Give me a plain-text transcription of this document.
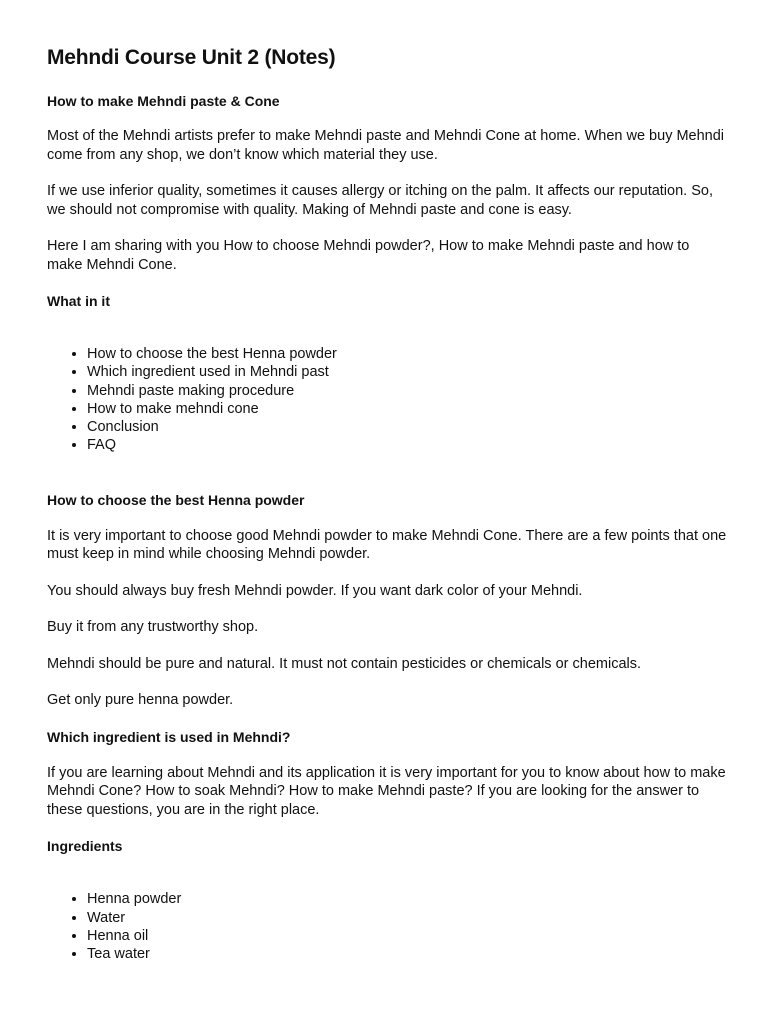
Mehndi Course Unit 2 (Notes)
How to make Mehndi paste & Cone

Most of the Mehndi artists prefer to make Mehndi paste and Mehndi Cone at home. When we buy Mehndi come from any shop, we don’t know which material they use.

If we use inferior quality, sometimes it causes allergy or itching on the palm. It affects our reputation. So, we should not compromise with quality. Making of Mehndi paste and cone is easy.

Here I am sharing with you How to choose Mehndi powder?, How to make Mehndi paste and how to make Mehndi Cone.

What in it
• How to choose the best Henna powder
• Which ingredient used in Mehndi past
• Mehndi paste making procedure
• How to make mehndi cone
• Conclusion
• FAQ
How to choose the best Henna powder

It is very important to choose good Mehndi powder to make Mehndi Cone. There are a few points that one must keep in mind while choosing Mehndi powder.

You should always buy fresh Mehndi powder. If you want dark color of your Mehndi.

Buy it from any trustworthy shop.

Mehndi should be pure and natural. It must not contain pesticides or chemicals or chemicals.

Get only pure henna powder.

Which ingredient is used in Mehndi?

If you are learning about Mehndi and its application it is very important for you to know about how to make Mehndi Cone? How to soak Mehndi? How to make Mehndi paste? If you are looking for the answer to these questions, you are in the right place.

Ingredients
• Henna powder
• Water
• Henna oil
• Tea water
